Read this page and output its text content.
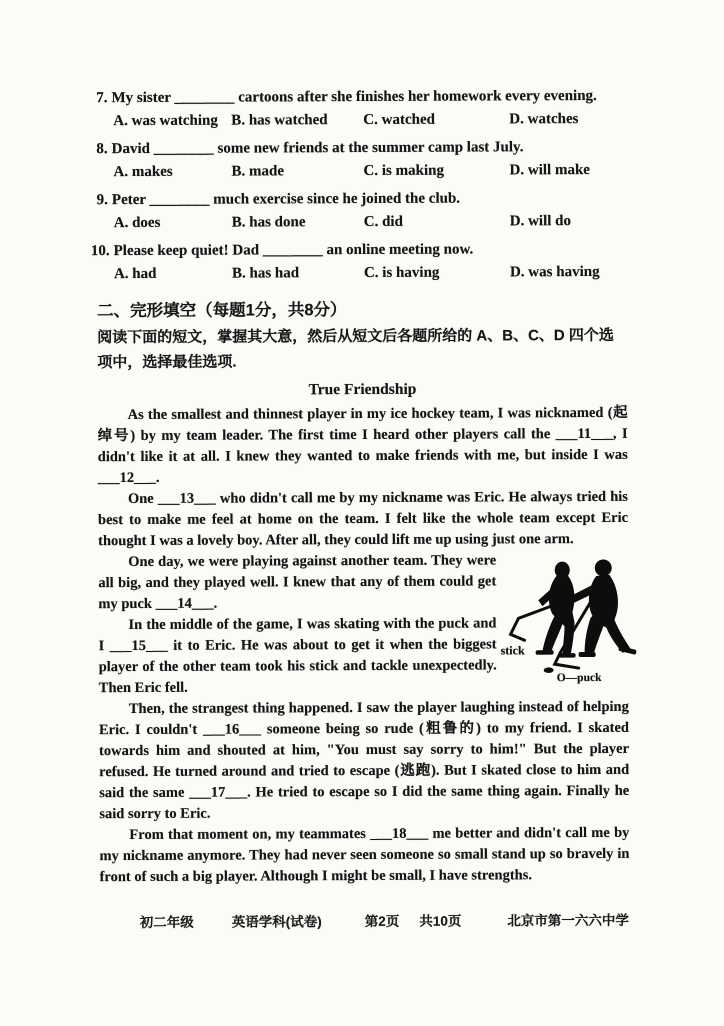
7. My sister ________ cartoons after she finishes her homework every evening.
A. was watching B. has watched	C. watched	D. watches
8. David ________ some new friends at the summer camp last July.
A. makes	B. made	C. is making	D. will make
9. Peter ________ much exercise since he joined the club.
A. does	B. has done	C. did	D. will do
10. Please keep quiet! Dad ________ an online meeting now.
A. had	B. has had	C. is having	D. was having
二、完形填空（每题1分，共8分）
阅读下面的短文，掌握其大意，然后从短文后各题所给的 A、B、C、D 四个选项中，选择最佳选项.
True Friendship

As the smallest and thinnest player in my ice hockey team, I was nicknamed (起绰号) by my team leader. The first time I heard other players call the ___11___, I didn't like it at all. I knew they wanted to make friends with me, but inside I was ___12___.

One ___13___ who didn't call me by my nickname was Eric. He always tried his best to make me feel at home on the team. I felt like the whole team except Eric thought I was a lovely boy. After all, they could lift me up using just one arm.

stick
O—puck

One day, we were playing against another team. They were all big, and they played well. I knew that any of them could get my puck ___14___.

In the middle of the game, I was skating with the puck and I ___15___ it to Eric. He was about to get it when the biggest player of the other team took his stick and tackle unexpectedly. Then Eric fell.

Then, the strangest thing happened. I saw the player laughing instead of helping Eric. I couldn't ___16___ someone being so rude (粗鲁的) to my friend. I skated towards him and shouted at him, "You must say sorry to him!" But the player refused. He turned around and tried to escape (逃跑). But I skated close to him and said the same ___17___. He tried to escape so I did the same thing again. Finally he said sorry to Eric.

From that moment on, my teammates ___18___ me better and didn't call me by my nickname anymore. They had never seen someone so small stand up so bravely in front of such a big player. Although I might be small, I have strengths.

初二年级	英语学科(试卷)	第2页 共10页	北京市第一六六中学
